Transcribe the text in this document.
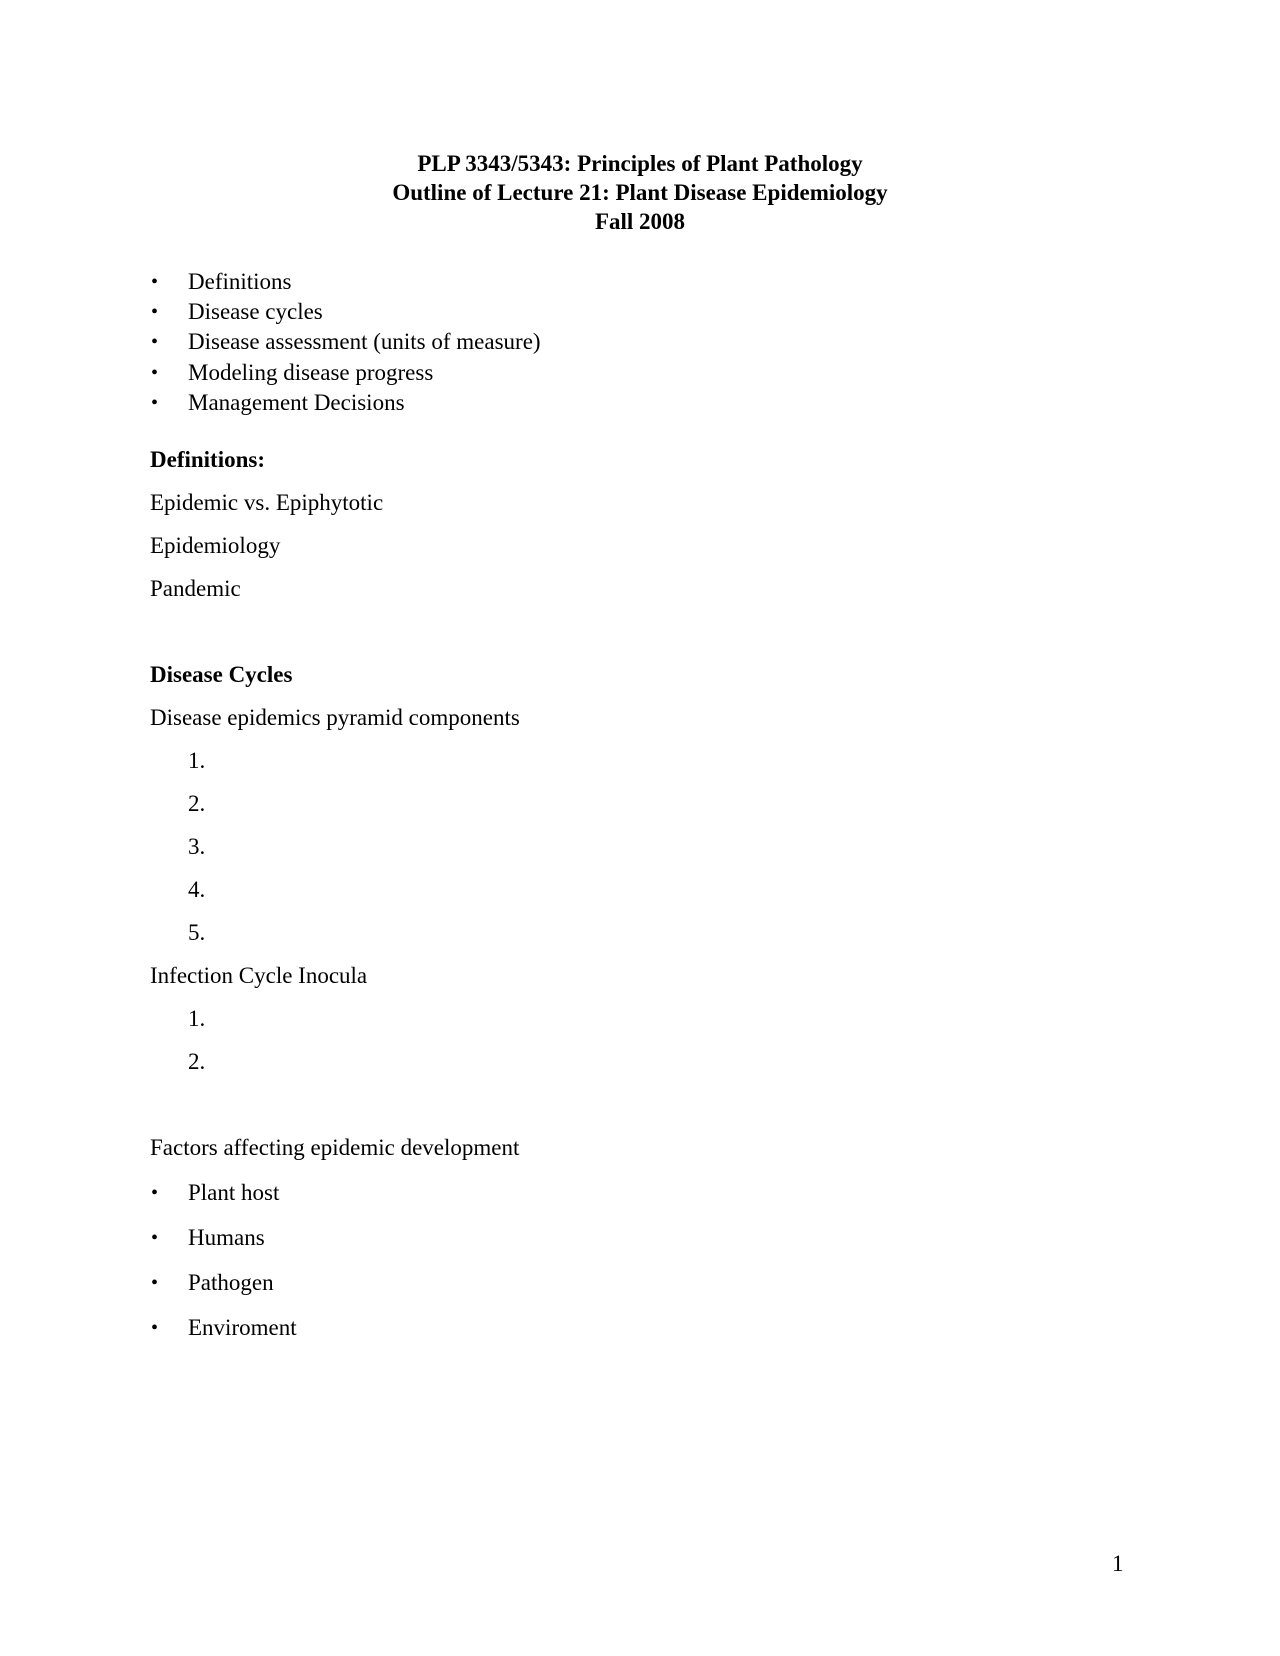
PLP 3343/5343: Principles of Plant Pathology
Outline of Lecture 21: Plant Disease Epidemiology
Fall 2008
• Definitions
• Disease cycles
• Disease assessment (units of measure)
• Modeling disease progress
• Management Decisions
Definitions:
Epidemic vs. Epiphytotic
Epidemiology
Pandemic
Disease Cycles
Disease epidemics pyramid components
1.
2.
3.
4.
5.
Infection Cycle Inocula
1.
2.
Factors affecting epidemic development
• Plant host
• Humans
• Pathogen
• Enviroment
1
